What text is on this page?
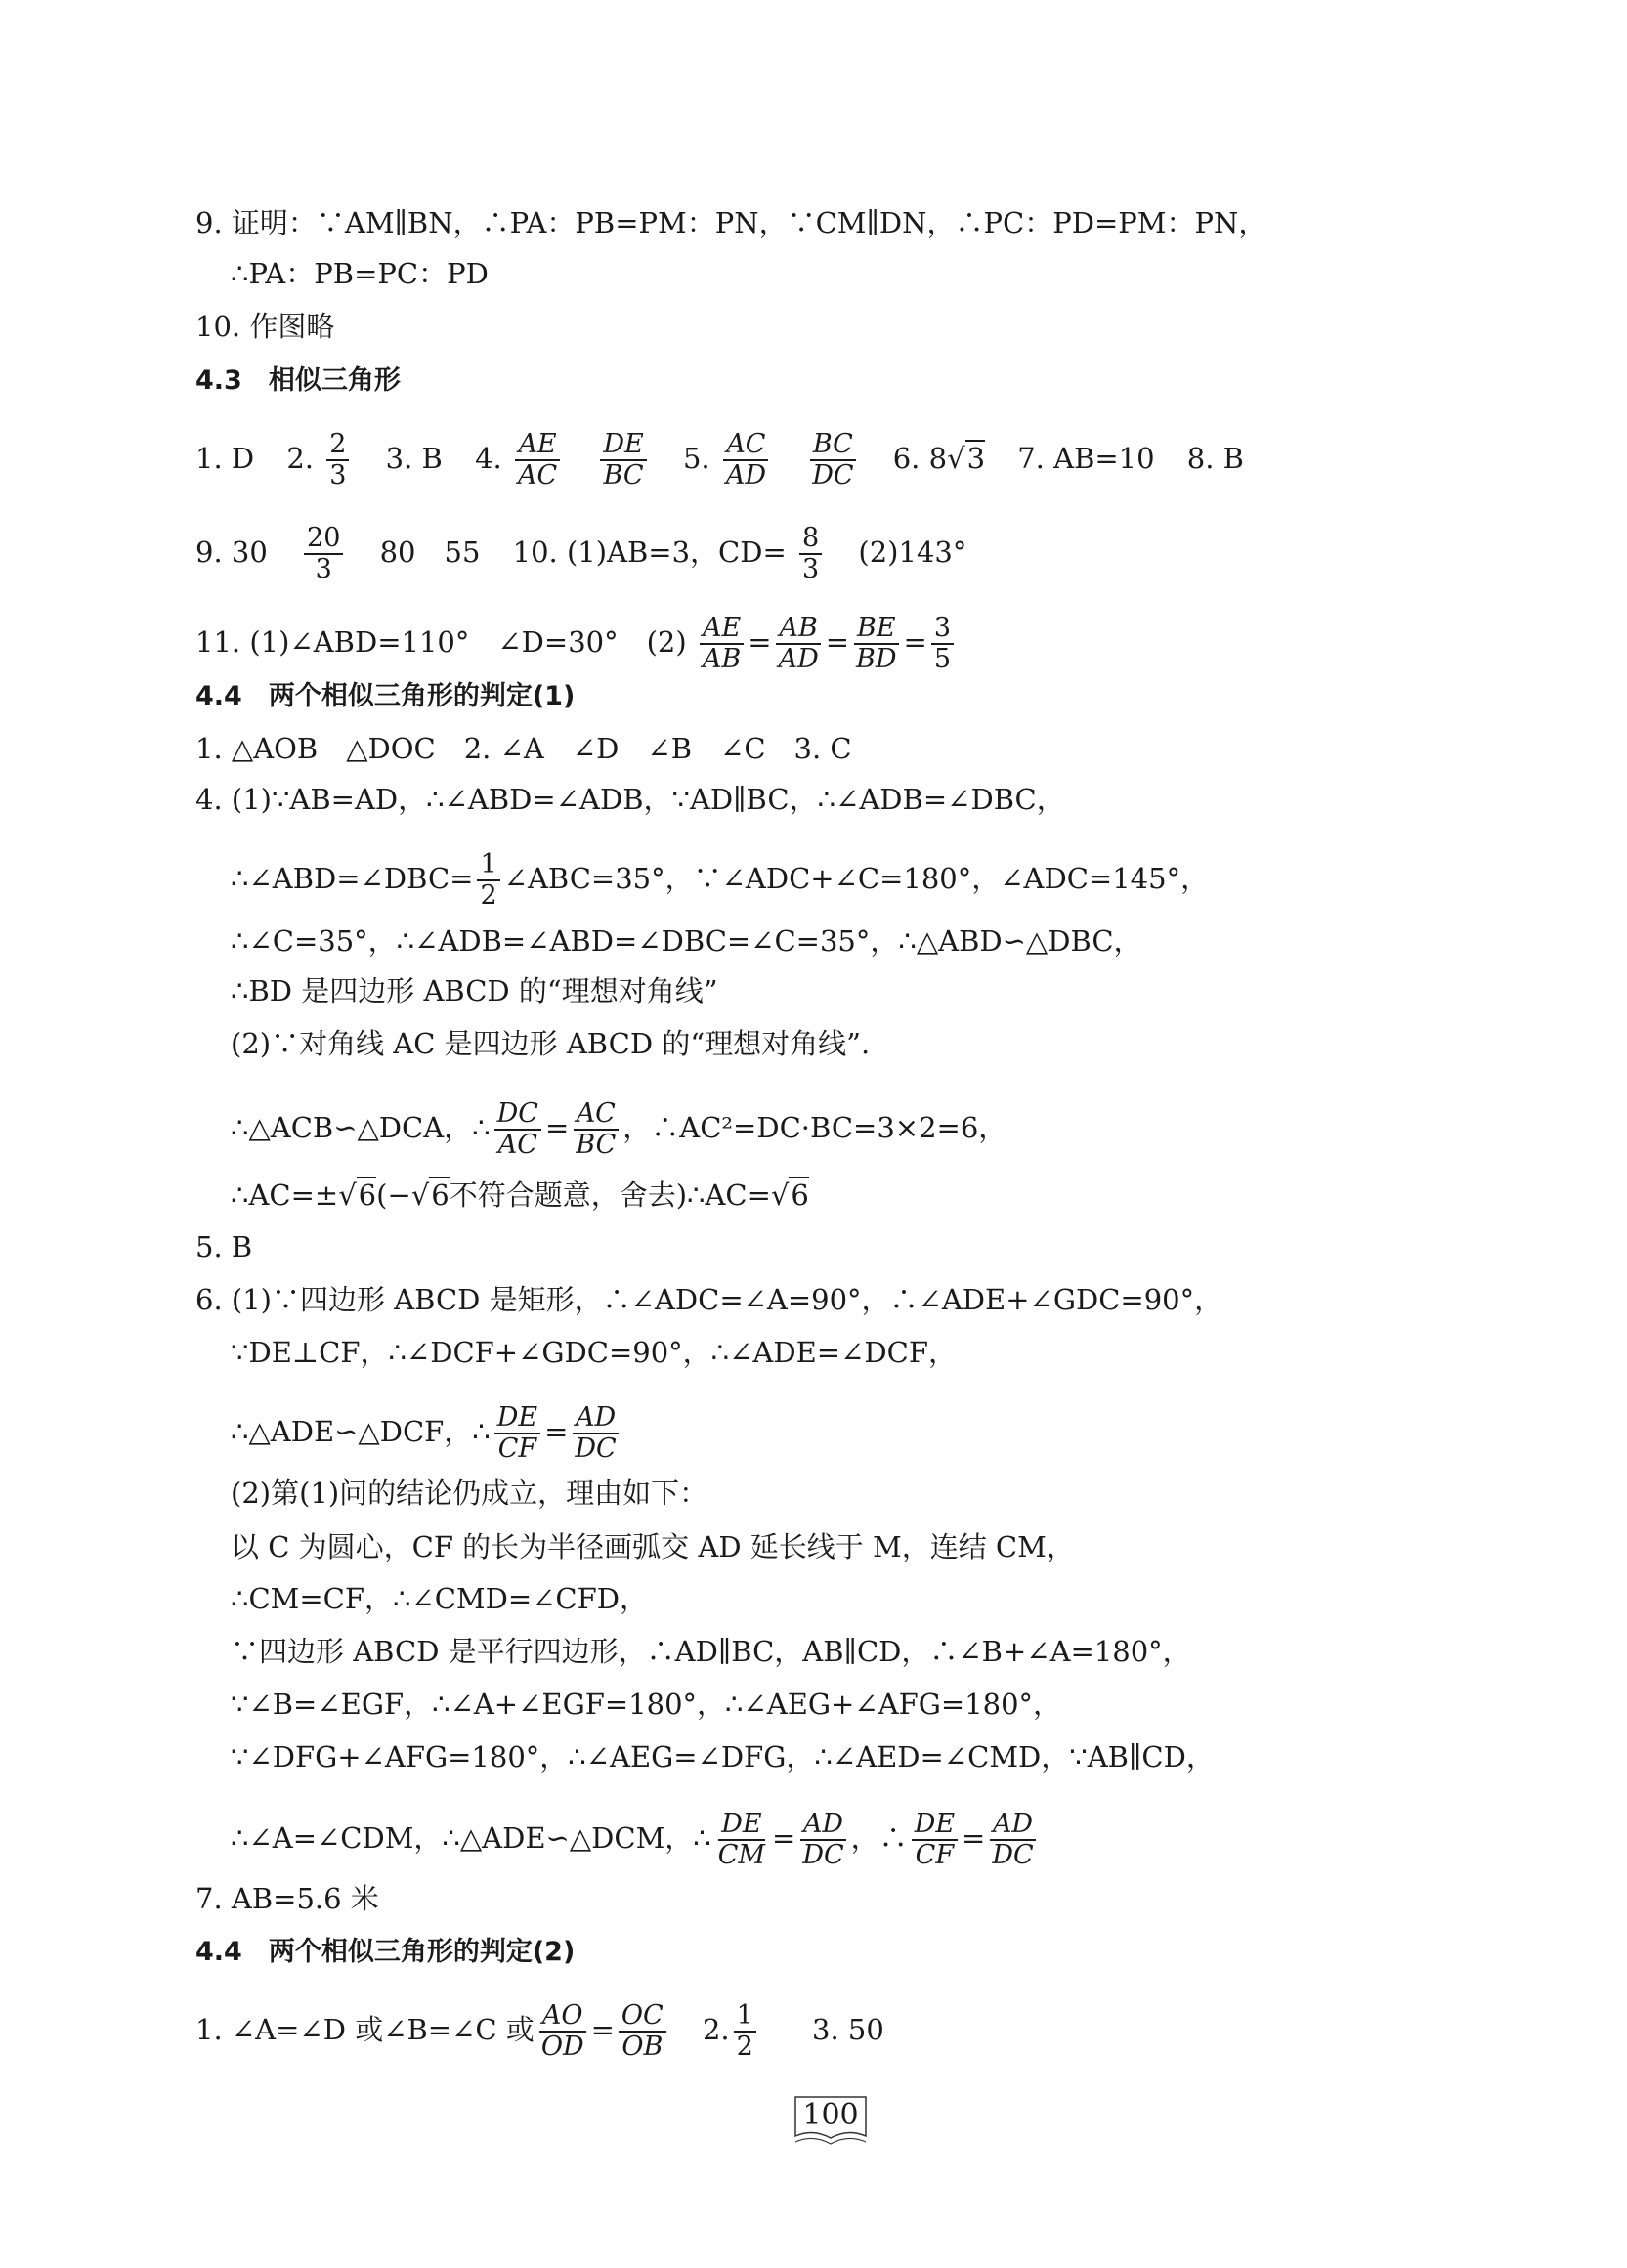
9. 证明：∵AM∥BN，∴PA：PB=PM：PN，∵CM∥DN，∴PC：PD=PM：PN，
∴PA：PB=PC：PD
10. 作图略
4.3　相似三角形
1. D 2. $\frac{2}{3} 3$. B 4. $\frac{AE}{AC}$
$\frac{DE}{BC} 5$. $\frac{AC}{AD}$
$\frac{BC}{DC} 6$. 8√3 7. AB=10 8. B
9. $30 \frac{20}{3} 80$　55 10. (1)AB=3，$CD= \frac{8}{3} (2)143^\circ$
11. (1)∠ABD=110°　∠D=30°　$(2) \frac{AE}{AB} = \frac{AB}{AD} = \frac{BE}{BD} = \frac{3}{5}$
4.4　两个相似三角形的判定(1)
1. △AOB　△DOC　2. ∠A　∠D　∠B　∠C　3. C
4. (1)∵AB=AD，∴∠ABD=∠ADB，∵AD∥BC，∴∠ADB=∠DBC，
∴∠ABD=∠DBC= $\frac{1}{2}$ ∠ABC=35°，∵∠ADC+∠C=180°，∠ADC=145°，
∴∠C=35°，∴∠ADB=∠ABD=∠DBC=∠C=35°，∴△ABD∽△DBC，
∴BD 是四边形 ABCD 的“理想对角线”
(2)∵对角线 AC 是四边形 ABCD 的“理想对角线”.
∴△ACB∽△DCA，∴ $\frac{DC}{AC} = \frac{AC}{BC}$ ，∴AC²=DC·BC=3×2=6，
∴AC=±√6(−√6不符合题意，舍去)∴AC=√6
5. B
6. (1)∵四边形 ABCD 是矩形，∴∠ADC=∠A=90°，∴∠ADE+∠GDC=90°，
∵DE⊥CF，∴∠DCF+∠GDC=90°，∴∠ADE=∠DCF，
∴△ADE∽△DCF，∴ $\frac{DE}{CF} = \frac{AD}{DC}$
(2)第(1)问的结论仍成立，理由如下：
以 C 为圆心，CF 的长为半径画弧交 AD 延长线于 M，连结 CM，
∴CM=CF，∴∠CMD=∠CFD，
∵四边形 ABCD 是平行四边形，∴AD∥BC，AB∥CD，∴∠B+∠A=180°，
∵∠B=∠EGF，∴∠A+∠EGF=180°，∴∠AEG+∠AFG=180°，
∵∠DFG+∠AFG=180°，∴∠AEG=∠DFG，∴∠AED=∠CMD，∵AB∥CD，
∴∠A=∠CDM，∴△ADE∽△DCM，∴ $\frac{DE}{CM} = \frac{AD}{DC}$ ，∴ $\frac{DE}{CF} = \frac{AD}{DC}$
7. AB=5.6 米
4.4　两个相似三角形的判定(2)
1. ∠A=∠D 或∠B=∠C 或 $\frac{AO}{OD} = \frac{OC}{OB} 2$. $\frac{1}{2} 3$. 50
100
